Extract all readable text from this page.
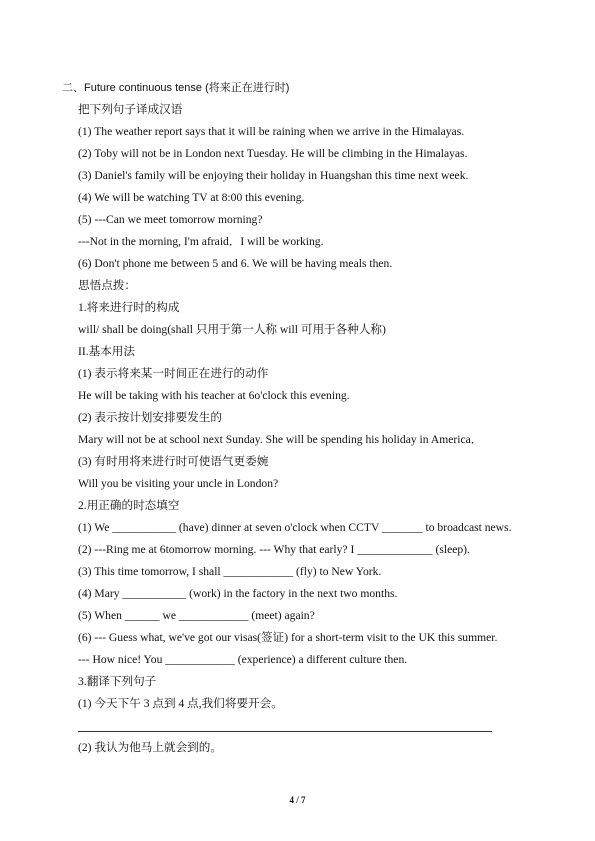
二、Future continuous tense (将来正在进行时)
把下列句子译成汉语
(1) The weather report says that it will be raining when we arrive in the Himalayas.
(2) Toby will not be in London next Tuesday. He will be climbing in the Himalayas.
(3) Daniel's family will be enjoying their holiday in Huangshan this time next week.
(4) We will be watching TV at 8:00 this evening.
(5) ---Can we meet tomorrow morning?
---Not in the morning, I'm afraid．I will be working.
(6) Don't phone me between 5 and 6. We will be having meals then.
思悟点拨：
1.将来进行时的构成
will/ shall be doing(shall 只用于第一人称 will 可用于各种人称)
II.基本用法
(1) 表示将来某一时间正在进行的动作
He will be taking with his teacher at 6o'clock this evening.
(2) 表示按计划安排要发生的
Mary will not be at school next Sunday. She will be spending his holiday in America．
(3) 有时用将来进行时可使语气更委婉
Will you be visiting your uncle in London?
2.用正确的时态填空
(1) We ___________ (have) dinner at seven o'clock when CCTV _______ to broadcast news.
(2) ---Ring me at 6tomorrow morning. --- Why that early? I _____________ (sleep).
(3) This time tomorrow, I shall ____________ (fly) to New York.
(4) Mary ___________ (work) in the factory in the next two months.
(5) When ______ we ____________ (meet) again?
(6) --- Guess what, we've got our visas(签证) for a short-term visit to the UK this summer.
--- How nice! You ____________ (experience) a different culture then.
3.翻译下列句子
(1) 今天下午 3 点到 4 点,我们将要开会。
(2) 我认为他马上就会到的。
4 / 7
